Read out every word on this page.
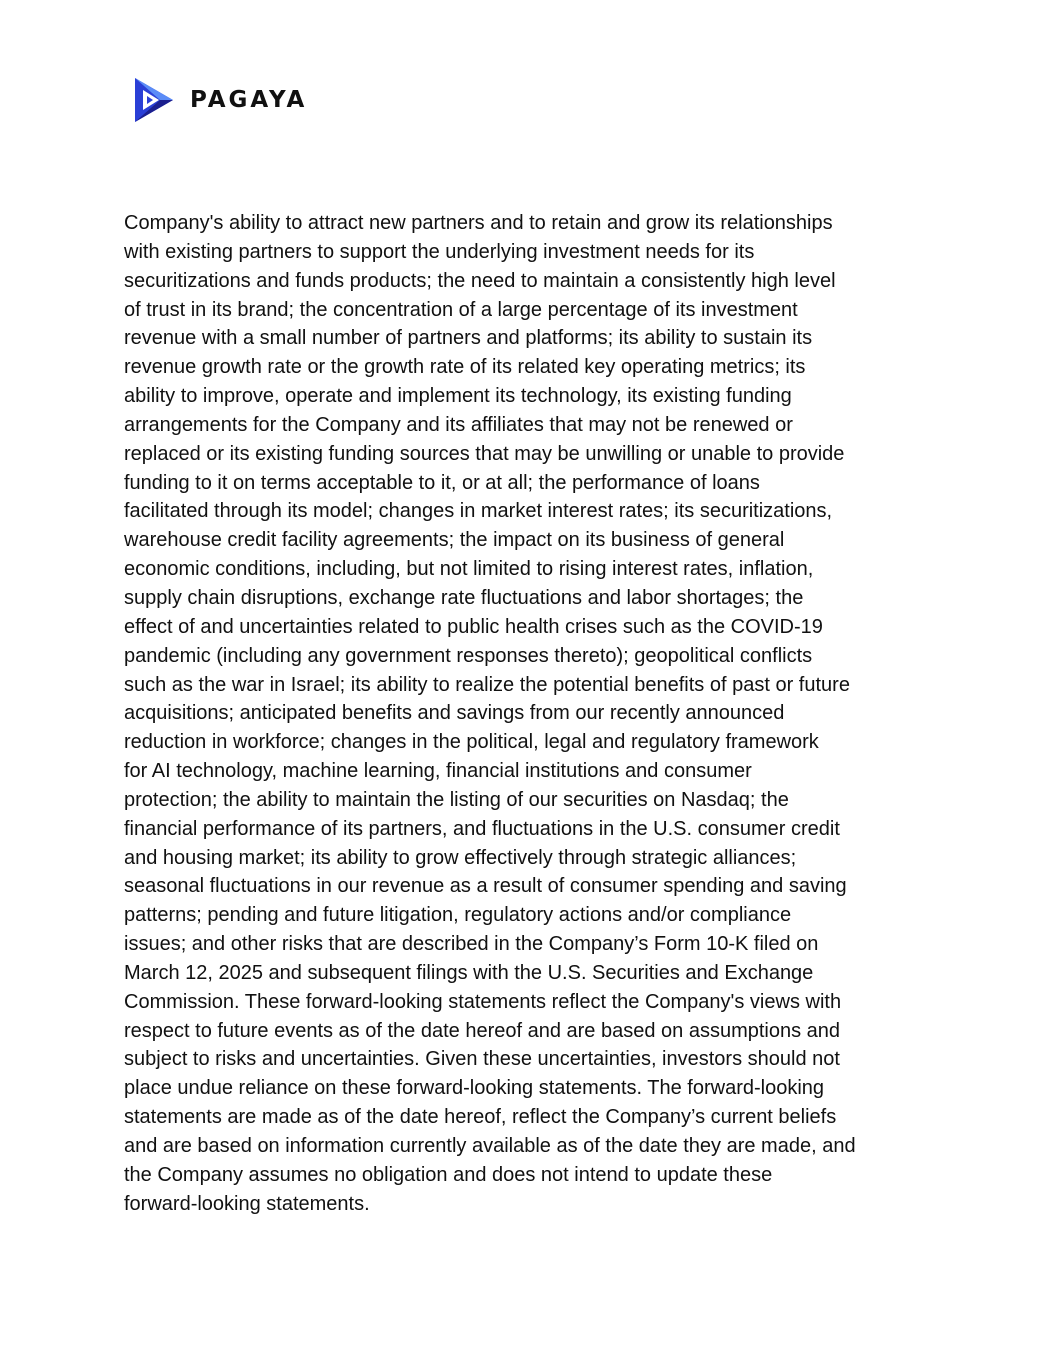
PAGAYA

Company's ability to attract new partners and to retain and grow its relationships
with existing partners to support the underlying investment needs for its
securitizations and funds products; the need to maintain a consistently high level
of trust in its brand; the concentration of a large percentage of its investment
revenue with a small number of partners and platforms; its ability to sustain its
revenue growth rate or the growth rate of its related key operating metrics; its
ability to improve, operate and implement its technology, its existing funding
arrangements for the Company and its affiliates that may not be renewed or
replaced or its existing funding sources that may be unwilling or unable to provide
funding to it on terms acceptable to it, or at all; the performance of loans
facilitated through its model; changes in market interest rates; its securitizations,
warehouse credit facility agreements; the impact on its business of general
economic conditions, including, but not limited to rising interest rates, inflation,
supply chain disruptions, exchange rate fluctuations and labor shortages; the
effect of and uncertainties related to public health crises such as the COVID-19
pandemic (including any government responses thereto); geopolitical conflicts
such as the war in Israel; its ability to realize the potential benefits of past or future
acquisitions; anticipated benefits and savings from our recently announced
reduction in workforce; changes in the political, legal and regulatory framework
for AI technology, machine learning, financial institutions and consumer
protection; the ability to maintain the listing of our securities on Nasdaq; the
financial performance of its partners, and fluctuations in the U.S. consumer credit
and housing market; its ability to grow effectively through strategic alliances;
seasonal fluctuations in our revenue as a result of consumer spending and saving
patterns; pending and future litigation, regulatory actions and/or compliance
issues; and other risks that are described in the Company’s Form 10-K filed on
March 12, 2025 and subsequent filings with the U.S. Securities and Exchange
Commission. These forward-looking statements reflect the Company's views with
respect to future events as of the date hereof and are based on assumptions and
subject to risks and uncertainties. Given these uncertainties, investors should not
place undue reliance on these forward-looking statements. The forward-looking
statements are made as of the date hereof, reflect the Company’s current beliefs
and are based on information currently available as of the date they are made, and
the Company assumes no obligation and does not intend to update these
forward-looking statements.
